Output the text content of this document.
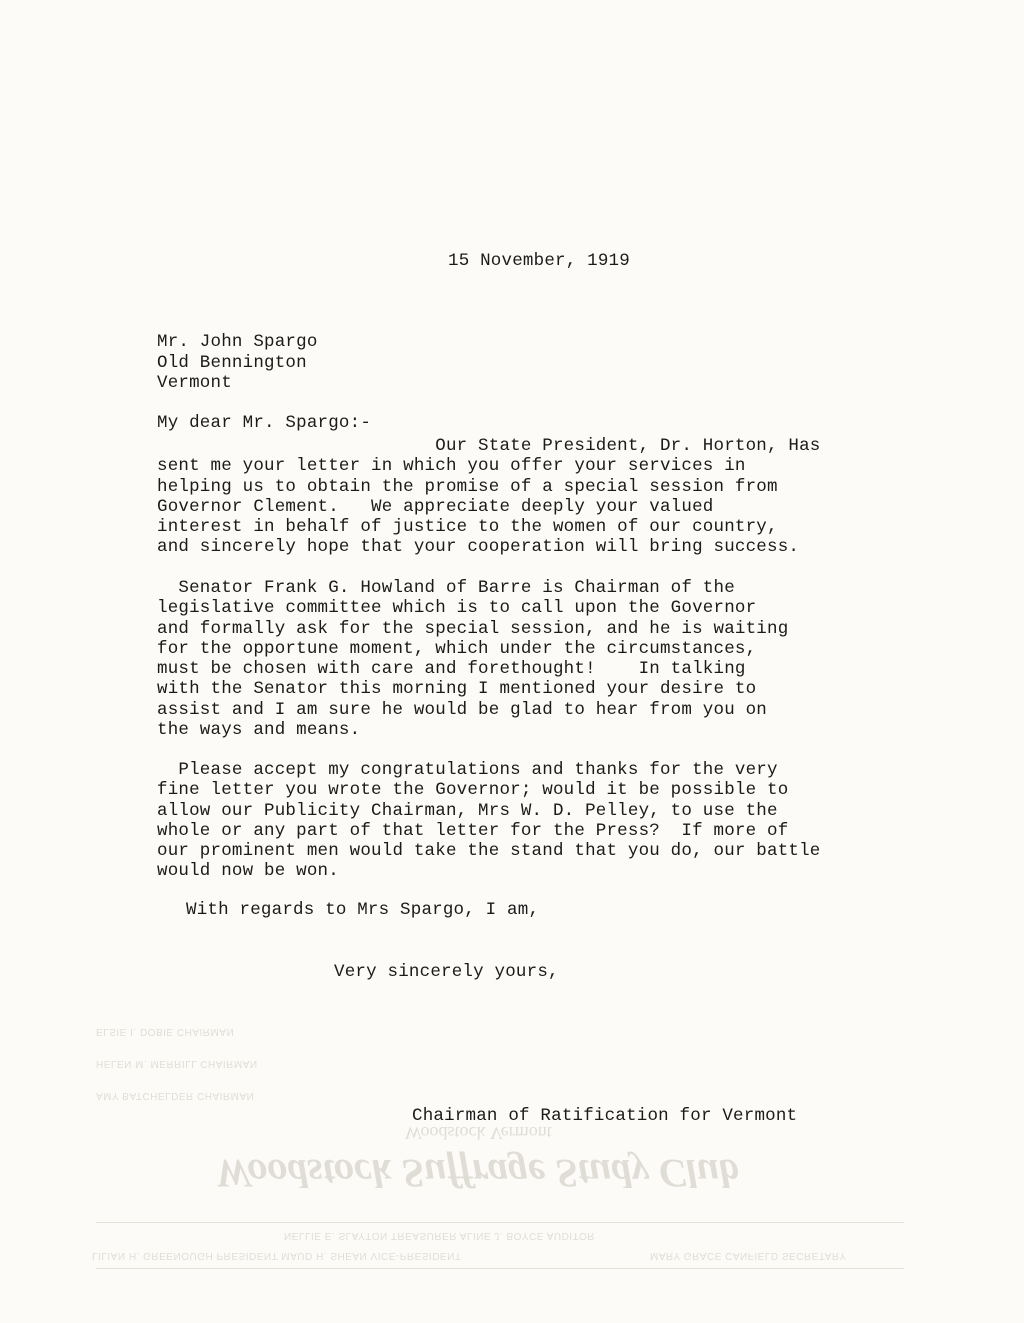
ELSIE I. DOBIE CHAIRMAN
HELEN M. MERRILL CHAIRMAN
AMY BATCHELDER CHAIRMAN
Woodstock Vermont
Woodstock Suffrage Study Club
NELLIE E. SLAYTON TREASURER ALINE J. BOYCE AUDITOR
LILIAN H. GREENOUGH PRESIDENT MAUD H. SHEAN VICE-PRESIDENT	MARY GRACE CANFIELD SECRETARY
15 November, 1919
Mr. John Spargo
Old Bennington
Vermont
My dear Mr. Spargo:-
Our State President, Dr. Horton, Has
sent me your letter in which you offer your services in
helping us to obtain the promise of a special session from
Governor Clement.   We appreciate deeply your valued
interest in behalf of justice to the women of our country,
and sincerely hope that your cooperation will bring success.
Senator Frank G. Howland of Barre is Chairman of the
legislative committee which is to call upon the Governor
and formally ask for the special session, and he is waiting
for the opportune moment, which under the circumstances,
must be chosen with care and forethought!    In talking
with the Senator this morning I mentioned your desire to
assist and I am sure he would be glad to hear from you on
the ways and means.
Please accept my congratulations and thanks for the very
fine letter you wrote the Governor; would it be possible to
allow our Publicity Chairman, Mrs W. D. Pelley, to use the
whole or any part of that letter for the Press?  If more of
our prominent men would take the stand that you do, our battle
would now be won.
With regards to Mrs Spargo, I am,
Very sincerely yours,
Chairman of Ratification for Vermont
